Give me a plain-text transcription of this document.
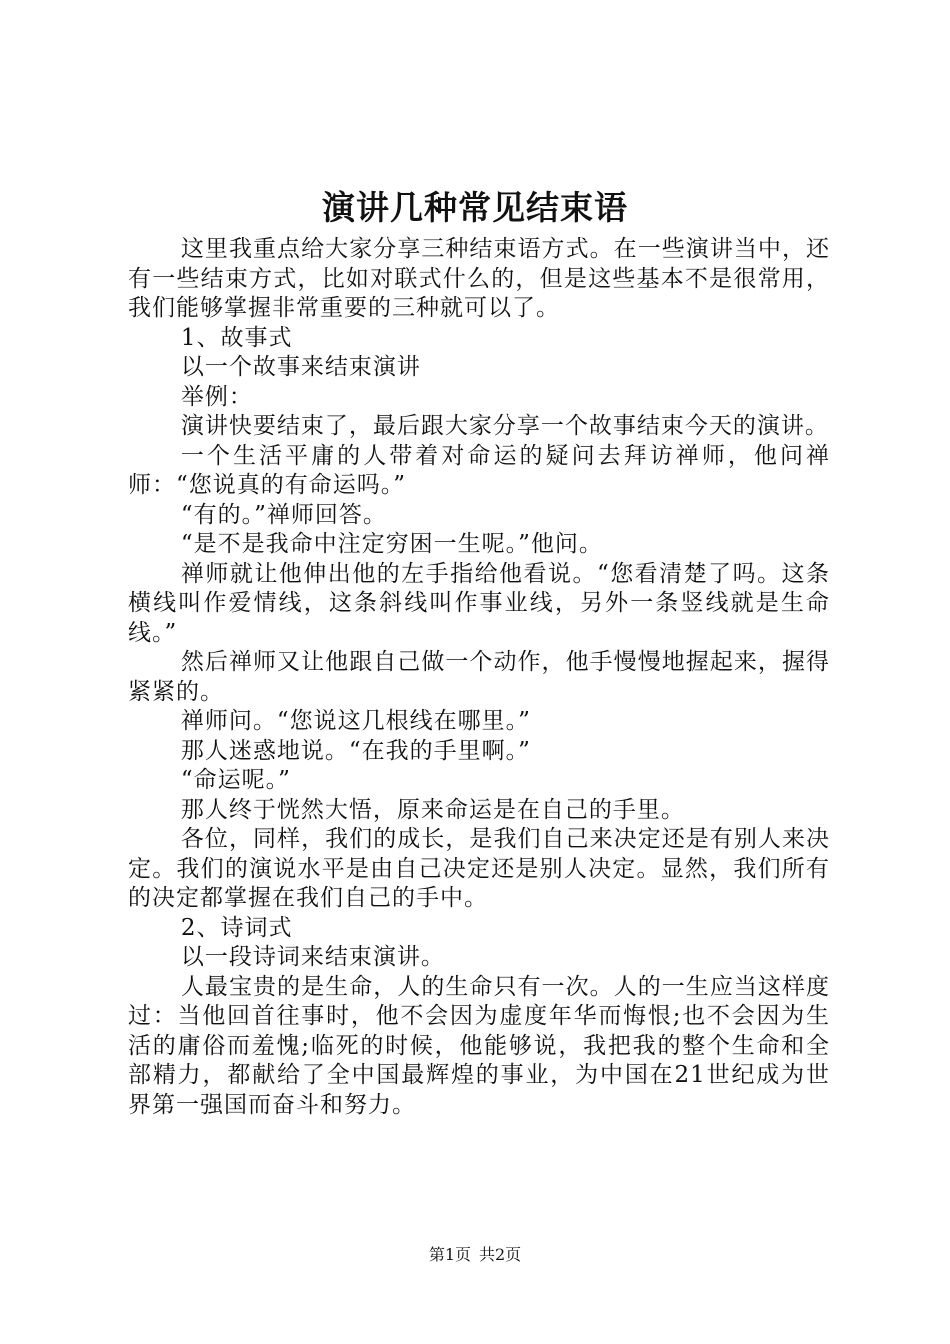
演讲几种常见结束语

这里我重点给大家分享三种结束语方式。在一些演讲当中，还有一些结束方式，比如对联式什么的，但是这些基本不是很常用，我们能够掌握非常重要的三种就可以了。

1、故事式

以一个故事来结束演讲

举例：

演讲快要结束了，最后跟大家分享一个故事结束今天的演讲。

一个生活平庸的人带着对命运的疑问去拜访禅师，他问禅师：“您说真的有命运吗。”

“有的。”禅师回答。

“是不是我命中注定穷困一生呢。”他问。

禅师就让他伸出他的左手指给他看说。“您看清楚了吗。这条横线叫作爱情线，这条斜线叫作事业线，另外一条竖线就是生命线。”

然后禅师又让他跟自己做一个动作，他手慢慢地握起来，握得紧紧的。

禅师问。“您说这几根线在哪里。”

那人迷惑地说。“在我的手里啊。”

“命运呢。”

那人终于恍然大悟，原来命运是在自己的手里。

各位，同样，我们的成长，是我们自己来决定还是有别人来决定。我们的演说水平是由自己决定还是别人决定。显然，我们所有的决定都掌握在我们自己的手中。

2、诗词式

以一段诗词来结束演讲。

人最宝贵的是生命，人的生命只有一次。人的一生应当这样度过：当他回首往事时，他不会因为虚度年华而悔恨;也不会因为生活的庸俗而羞愧;临死的时候，他能够说，我把我的整个生命和全部精力，都献给了全中国最辉煌的事业，为中国在21世纪成为世界第一强国而奋斗和努力。

第1页 共2页
